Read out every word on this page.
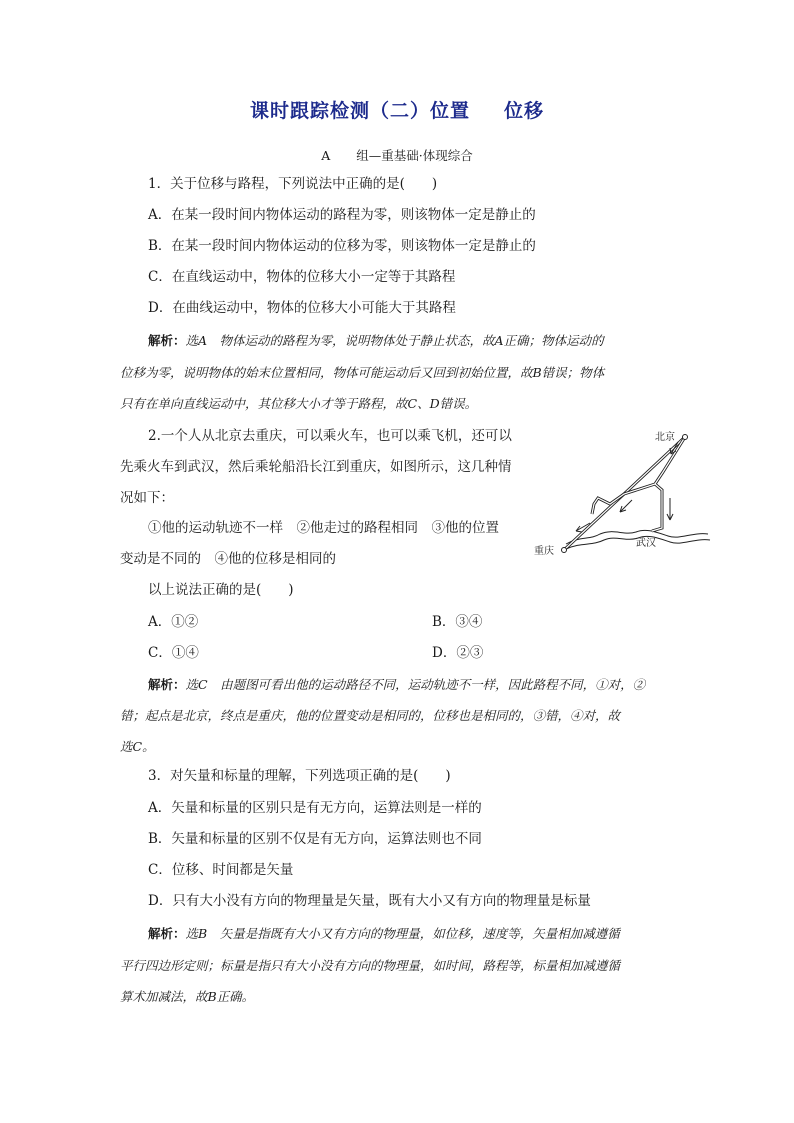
课时跟踪检测（二）位置 位移
A 组—重基础·体现综合
1．关于位移与路程，下列说法中正确的是(　　)
A．在某一段时间内物体运动的路程为零，则该物体一定是静止的
B．在某一段时间内物体运动的位移为零，则该物体一定是静止的
C．在直线运动中，物体的位移大小一定等于其路程
D．在曲线运动中，物体的位移大小可能大于其路程
解析：选A　物体运动的路程为零，说明物体处于静止状态，故A正确；物体运动的
位移为零，说明物体的始末位置相同，物体可能运动后又回到初始位置，故B错误；物体
只有在单向直线运动中，其位移大小才等于路程，故C、D错误。
2.一个人从北京去重庆，可以乘火车，也可以乘飞机，还可以
先乘火车到武汉，然后乘轮船沿长江到重庆，如图所示，这几种情
况如下：
①他的运动轨迹不一样　②他走过的路程相同　③他的位置
变动是不同的　④他的位移是相同的
以上说法正确的是(　　)
A．①②	B．③④
C．①④	D．②③
北京
重庆
武汉
解析：选C　由题图可看出他的运动路径不同，运动轨迹不一样，因此路程不同，①对，②
错；起点是北京，终点是重庆，他的位置变动是相同的，位移也是相同的，③错，④对，故
选C。
3．对矢量和标量的理解，下列选项正确的是(　　)
A．矢量和标量的区别只是有无方向，运算法则是一样的
B．矢量和标量的区别不仅是有无方向，运算法则也不同
C．位移、时间都是矢量
D．只有大小没有方向的物理量是矢量，既有大小又有方向的物理量是标量
解析：选B　矢量是指既有大小又有方向的物理量，如位移，速度等，矢量相加减遵循
平行四边形定则；标量是指只有大小没有方向的物理量，如时间，路程等，标量相加减遵循
算术加减法，故B正确。
